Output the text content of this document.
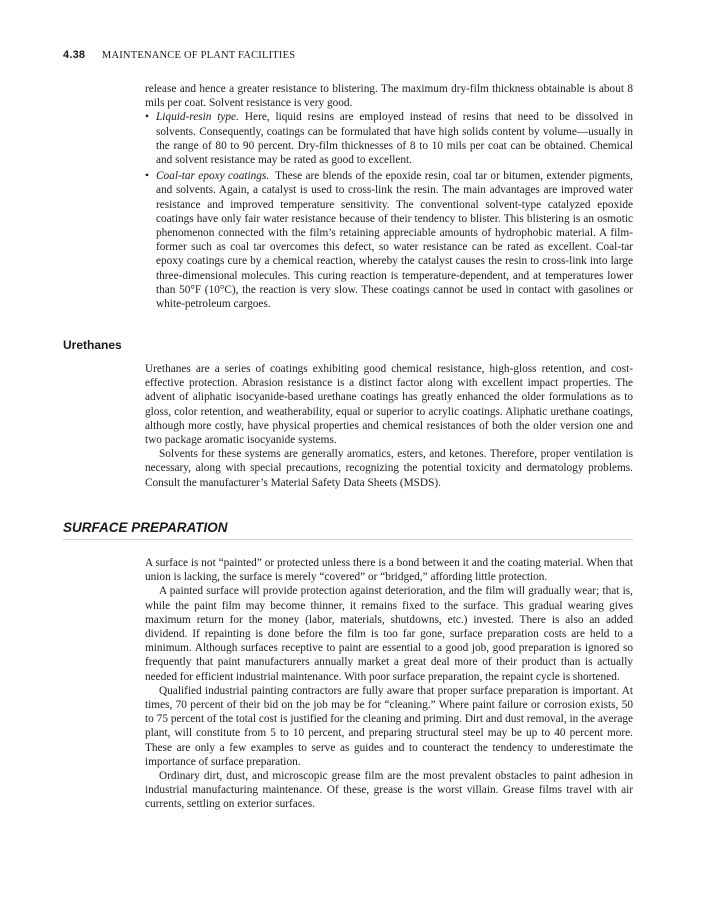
4.38 MAINTENANCE OF PLANT FACILITIES

release and hence a greater resistance to blistering. The maximum dry-film thickness obtainable is about 8 mils per coat. Solvent resistance is very good.

• Liquid-resin type. Here, liquid resins are employed instead of resins that need to be dissolved in solvents. Consequently, coatings can be formulated that have high solids content by volume—usually in the range of 80 to 90 percent. Dry-film thicknesses of 8 to 10 mils per coat can be obtained. Chemical and solvent resistance may be rated as good to excellent.
• Coal-tar epoxy coatings. These are blends of the epoxide resin, coal tar or bitumen, extender pigments, and solvents. Again, a catalyst is used to cross-link the resin. The main advantages are improved water resistance and improved temperature sensitivity. The conventional solvent-type catalyzed epoxide coatings have only fair water resistance because of their tendency to blister. This blistering is an osmotic phenomenon connected with the film’s retaining appreciable amounts of hydrophobic material. A film-former such as coal tar overcomes this defect, so water resistance can be rated as excellent. Coal-tar epoxy coatings cure by a chemical reaction, whereby the catalyst causes the resin to cross-link into large three-dimensional molecules. This curing reaction is temperature-dependent, and at temperatures lower than 50°F (10°C), the reaction is very slow. These coatings cannot be used in contact with gasolines or white-petroleum cargoes.
Urethanes

Urethanes are a series of coatings exhibiting good chemical resistance, high-gloss retention, and cost-effective protection. Abrasion resistance is a distinct factor along with excellent impact properties. The advent of aliphatic isocyanide-based urethane coatings has greatly enhanced the older formulations as to gloss, color retention, and weatherability, equal or superior to acrylic coatings. Aliphatic urethane coatings, although more costly, have physical properties and chemical resistances of both the older version one and two package aromatic isocyanide systems.

Solvents for these systems are generally aromatics, esters, and ketones. Therefore, proper ventilation is necessary, along with special precautions, recognizing the potential toxicity and dermatology problems. Consult the manufacturer’s Material Safety Data Sheets (MSDS).

SURFACE PREPARATION

A surface is not “painted” or protected unless there is a bond between it and the coating material. When that union is lacking, the surface is merely “covered” or “bridged,” affording little protection.

A painted surface will provide protection against deterioration, and the film will gradually wear; that is, while the paint film may become thinner, it remains fixed to the surface. This gradual wearing gives maximum return for the money (labor, materials, shutdowns, etc.) invested. There is also an added dividend. If repainting is done before the film is too far gone, surface preparation costs are held to a minimum. Although surfaces receptive to paint are essential to a good job, good preparation is ignored so frequently that paint manufacturers annually market a great deal more of their product than is actually needed for efficient industrial maintenance. With poor surface preparation, the repaint cycle is shortened.

Qualified industrial painting contractors are fully aware that proper surface preparation is important. At times, 70 percent of their bid on the job may be for “cleaning.” Where paint failure or corrosion exists, 50 to 75 percent of the total cost is justified for the cleaning and priming. Dirt and dust removal, in the average plant, will constitute from 5 to 10 percent, and preparing structural steel may be up to 40 percent more. These are only a few examples to serve as guides and to counteract the tendency to underestimate the importance of surface preparation.

Ordinary dirt, dust, and microscopic grease film are the most prevalent obstacles to paint adhesion in industrial manufacturing maintenance. Of these, grease is the worst villain. Grease films travel with air currents, settling on exterior surfaces.
